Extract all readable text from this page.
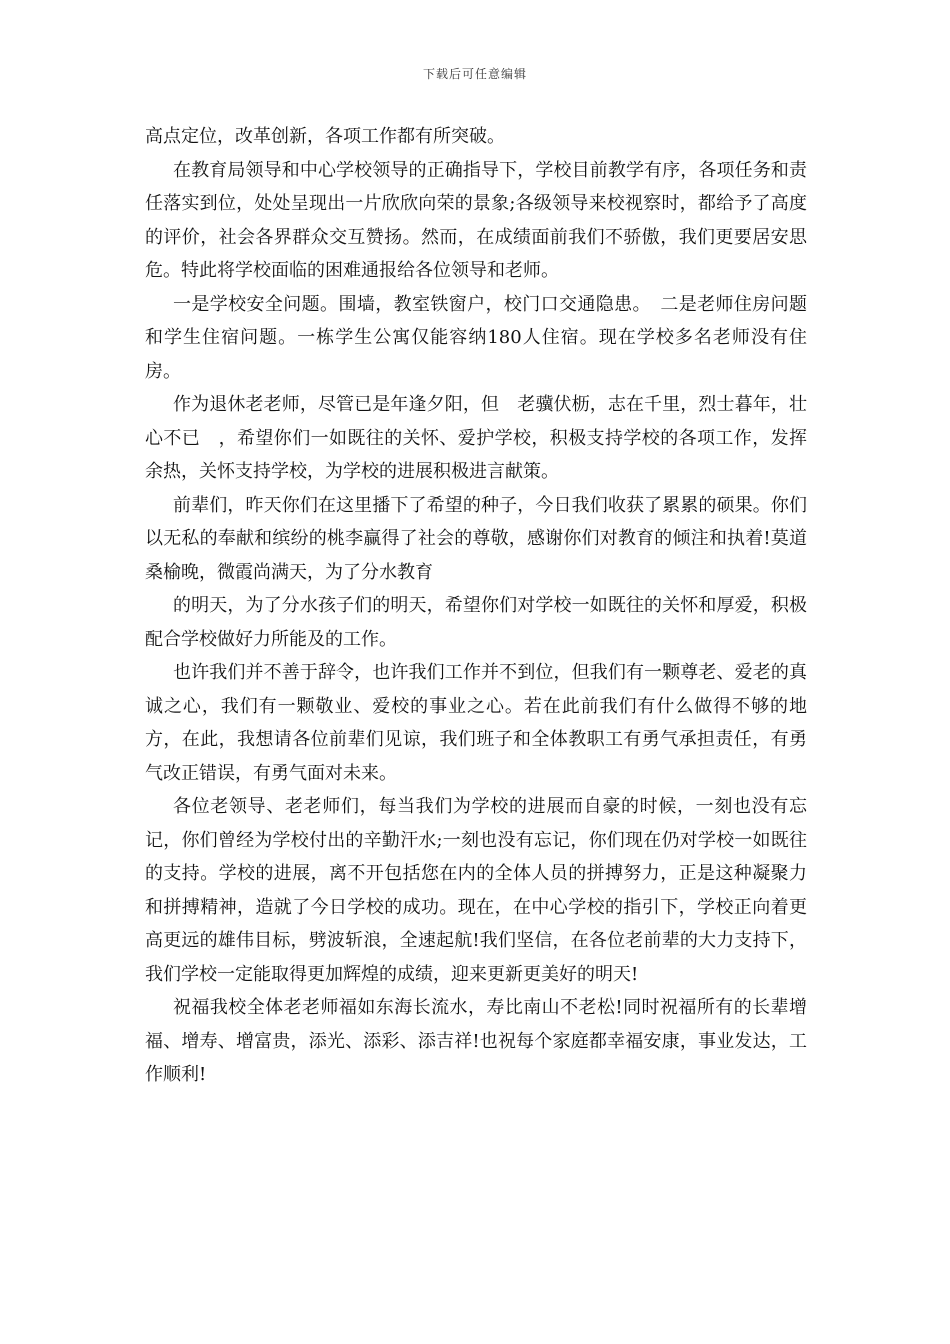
下载后可任意编辑

高点定位，改革创新，各项工作都有所突破。

在教育局领导和中心学校领导的正确指导下，学校目前教学有序，各项任务和责任落实到位，处处呈现出一片欣欣向荣的景象;各级领导来校视察时，都给予了高度的评价，社会各界群众交互赞扬。然而，在成绩面前我们不骄傲，我们更要居安思危。特此将学校面临的困难通报给各位领导和老师。

一是学校安全问题。围墙，教室铁窗户，校门口交通隐患。　二是老师住房问题和学生住宿问题。一栋学生公寓仅能容纳180人住宿。现在学校多名老师没有住房。

作为退休老老师，尽管已是年逢夕阳，但　老骥伏枥，志在千里，烈士暮年，壮心不已　，希望你们一如既往的关怀、爱护学校，积极支持学校的各项工作，发挥余热，关怀支持学校，为学校的进展积极进言献策。

前辈们，昨天你们在这里播下了希望的种子，今日我们收获了累累的硕果。你们以无私的奉献和缤纷的桃李赢得了社会的尊敬，感谢你们对教育的倾注和执着!莫道桑榆晚，微霞尚满天，为了分水教育

的明天，为了分水孩子们的明天，希望你们对学校一如既往的关怀和厚爱，积极配合学校做好力所能及的工作。

也许我们并不善于辞令，也许我们工作并不到位，但我们有一颗尊老、爱老的真诚之心，我们有一颗敬业、爱校的事业之心。若在此前我们有什么做得不够的地方，在此，我想请各位前辈们见谅，我们班子和全体教职工有勇气承担责任，有勇气改正错误，有勇气面对未来。

各位老领导、老老师们，每当我们为学校的进展而自豪的时候，一刻也没有忘记，你们曾经为学校付出的辛勤汗水;一刻也没有忘记，你们现在仍对学校一如既往的支持。学校的进展，离不开包括您在内的全体人员的拼搏努力，正是这种凝聚力和拼搏精神，造就了今日学校的成功。现在，在中心学校的指引下，学校正向着更高更远的雄伟目标，劈波斩浪，全速起航!我们坚信，在各位老前辈的大力支持下，我们学校一定能取得更加辉煌的成绩，迎来更新更美好的明天!

祝福我校全体老老师福如东海长流水，寿比南山不老松!同时祝福所有的长辈增福、增寿、增富贵，添光、添彩、添吉祥!也祝每个家庭都幸福安康，事业发达，工作顺利!
